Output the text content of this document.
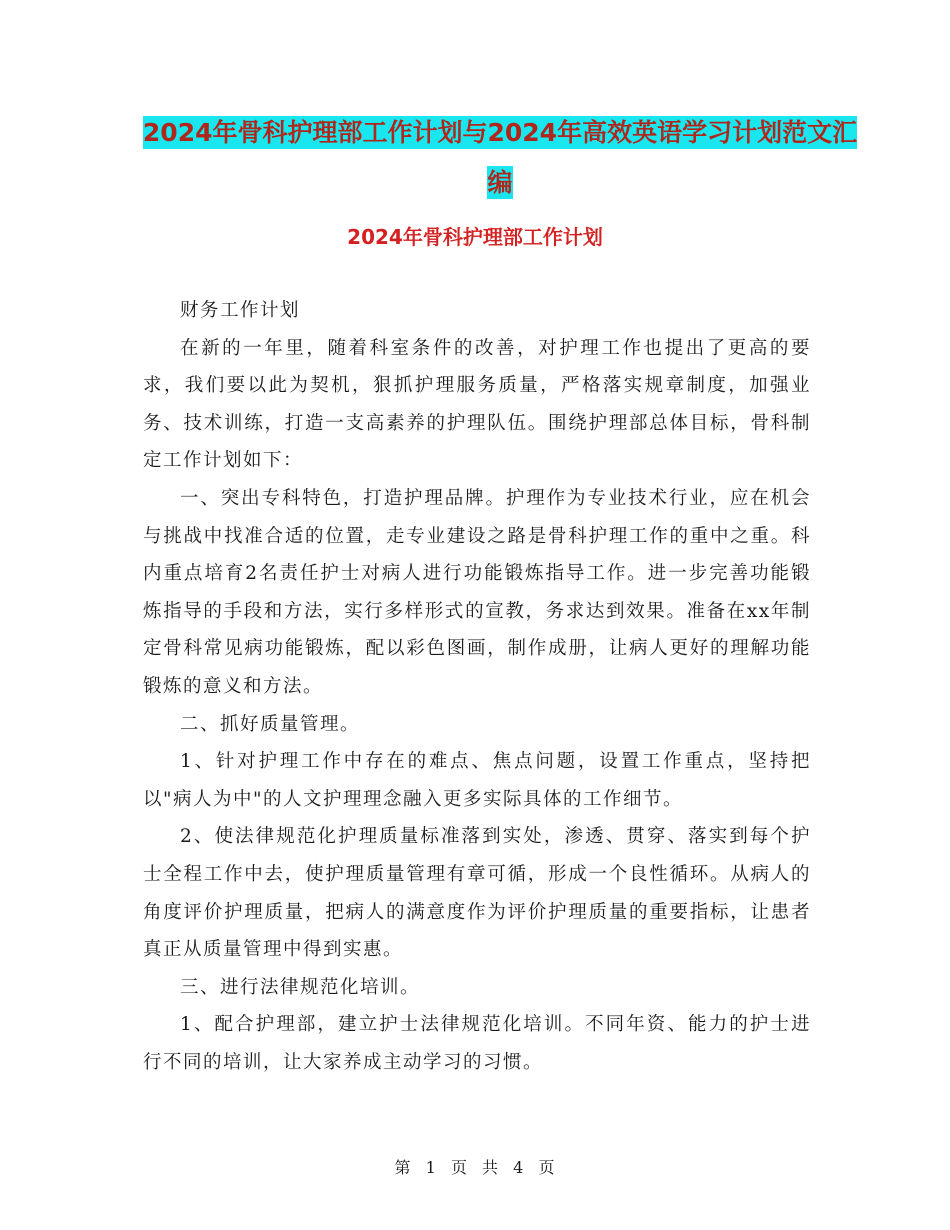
2024年骨科护理部工作计划与2024年高效英语学习计划范文汇编
2024年骨科护理部工作计划

财务工作计划

在新的一年里，随着科室条件的改善，对护理工作也提出了更高的要求，我们要以此为契机，狠抓护理服务质量，严格落实规章制度，加强业务、技术训练，打造一支高素养的护理队伍。围绕护理部总体目标，骨科制定工作计划如下：

一、突出专科特色，打造护理品牌。护理作为专业技术行业，应在机会与挑战中找准合适的位置，走专业建设之路是骨科护理工作的重中之重。科内重点培育2名责任护士对病人进行功能锻炼指导工作。进一步完善功能锻炼指导的手段和方法，实行多样形式的宣教，务求达到效果。准备在xx年制定骨科常见病功能锻炼，配以彩色图画，制作成册，让病人更好的理解功能锻炼的意义和方法。

二、抓好质量管理。

1、针对护理工作中存在的难点、焦点问题，设置工作重点，坚持把以"病人为中"的人文护理理念融入更多实际具体的工作细节。

2、使法律规范化护理质量标准落到实处，渗透、贯穿、落实到每个护士全程工作中去，使护理质量管理有章可循，形成一个良性循环。从病人的角度评价护理质量，把病人的满意度作为评价护理质量的重要指标，让患者真正从质量管理中得到实惠。

三、进行法律规范化培训。

1、配合护理部，建立护士法律规范化培训。不同年资、能力的护士进行不同的培训，让大家养成主动学习的习惯。

第 1 页 共 4 页
